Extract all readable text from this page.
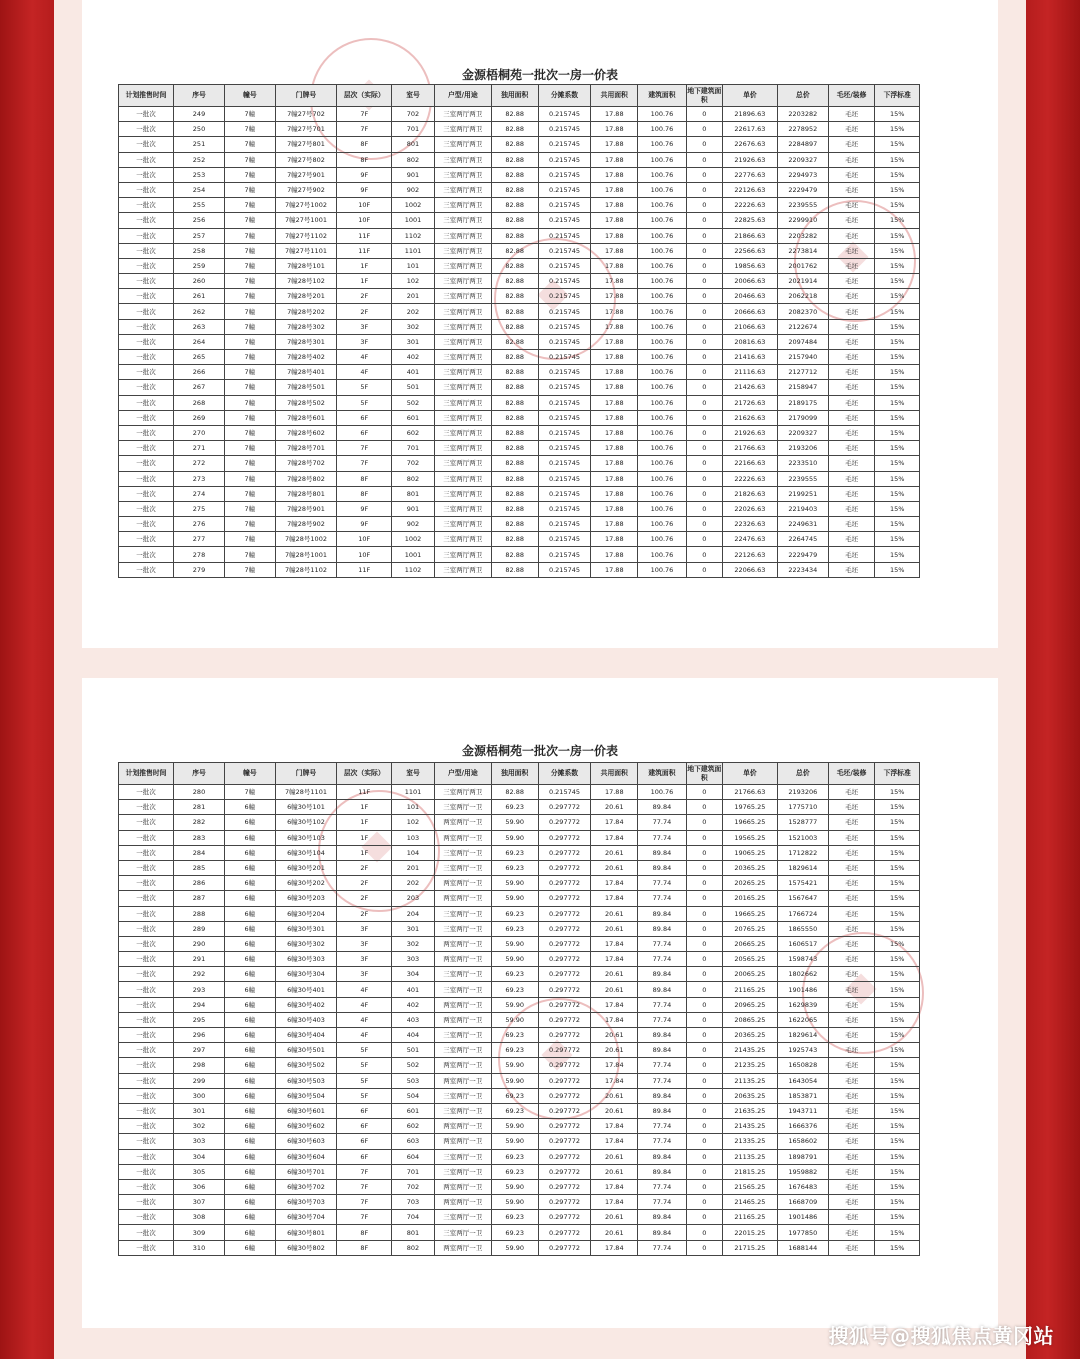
金源梧桐苑一批次一房一价表
计划推售时间	序号	幢号	门牌号	层次（实际）	室号	户型/用途	独用面积	分摊系数	共用面积	建筑面积	地下建筑面积	单价	总价	毛坯/装修	下浮标准
一批次	249	7幢	7幢27号702	7F	702	三室两厅两卫	82.88	0.215745	17.88	100.76	0	21896.63	2203282	毛坯	15%
一批次	250	7幢	7幢27号701	7F	701	三室两厅两卫	82.88	0.215745	17.88	100.76	0	22617.63	2278952	毛坯	15%
一批次	251	7幢	7幢27号801	8F	801	三室两厅两卫	82.88	0.215745	17.88	100.76	0	22676.63	2284897	毛坯	15%
一批次	252	7幢	7幢27号802	8F	802	三室两厅两卫	82.88	0.215745	17.88	100.76	0	21926.63	2209327	毛坯	15%
一批次	253	7幢	7幢27号901	9F	901	三室两厅两卫	82.88	0.215745	17.88	100.76	0	22776.63	2294973	毛坯	15%
一批次	254	7幢	7幢27号902	9F	902	三室两厅两卫	82.88	0.215745	17.88	100.76	0	22126.63	2229479	毛坯	15%
一批次	255	7幢	7幢27号1002	10F	1002	三室两厅两卫	82.88	0.215745	17.88	100.76	0	22226.63	2239555	毛坯	15%
一批次	256	7幢	7幢27号1001	10F	1001	三室两厅两卫	82.88	0.215745	17.88	100.76	0	22825.63	2299910	毛坯	15%
一批次	257	7幢	7幢27号1102	11F	1102	三室两厅两卫	82.88	0.215745	17.88	100.76	0	21866.63	2203282	毛坯	15%
一批次	258	7幢	7幢27号1101	11F	1101	三室两厅两卫	82.88	0.215745	17.88	100.76	0	22566.63	2273814	毛坯	15%
一批次	259	7幢	7幢28号101	1F	101	三室两厅两卫	82.88	0.215745	17.88	100.76	0	19856.63	2001762	毛坯	15%
一批次	260	7幢	7幢28号102	1F	102	三室两厅两卫	82.88	0.215745	17.88	100.76	0	20066.63	2021914	毛坯	15%
一批次	261	7幢	7幢28号201	2F	201	三室两厅两卫	82.88	0.215745	17.88	100.76	0	20466.63	2062218	毛坯	15%
一批次	262	7幢	7幢28号202	2F	202	三室两厅两卫	82.88	0.215745	17.88	100.76	0	20666.63	2082370	毛坯	15%
一批次	263	7幢	7幢28号302	3F	302	三室两厅两卫	82.88	0.215745	17.88	100.76	0	21066.63	2122674	毛坯	15%
一批次	264	7幢	7幢28号301	3F	301	三室两厅两卫	82.88	0.215745	17.88	100.76	0	20816.63	2097484	毛坯	15%
一批次	265	7幢	7幢28号402	4F	402	三室两厅两卫	82.88	0.215745	17.88	100.76	0	21416.63	2157940	毛坯	15%
一批次	266	7幢	7幢28号401	4F	401	三室两厅两卫	82.88	0.215745	17.88	100.76	0	21116.63	2127712	毛坯	15%
一批次	267	7幢	7幢28号501	5F	501	三室两厅两卫	82.88	0.215745	17.88	100.76	0	21426.63	2158947	毛坯	15%
一批次	268	7幢	7幢28号502	5F	502	三室两厅两卫	82.88	0.215745	17.88	100.76	0	21726.63	2189175	毛坯	15%
一批次	269	7幢	7幢28号601	6F	601	三室两厅两卫	82.88	0.215745	17.88	100.76	0	21626.63	2179099	毛坯	15%
一批次	270	7幢	7幢28号602	6F	602	三室两厅两卫	82.88	0.215745	17.88	100.76	0	21926.63	2209327	毛坯	15%
一批次	271	7幢	7幢28号701	7F	701	三室两厅两卫	82.88	0.215745	17.88	100.76	0	21766.63	2193206	毛坯	15%
一批次	272	7幢	7幢28号702	7F	702	三室两厅两卫	82.88	0.215745	17.88	100.76	0	22166.63	2233510	毛坯	15%
一批次	273	7幢	7幢28号802	8F	802	三室两厅两卫	82.88	0.215745	17.88	100.76	0	22226.63	2239555	毛坯	15%
一批次	274	7幢	7幢28号801	8F	801	三室两厅两卫	82.88	0.215745	17.88	100.76	0	21826.63	2199251	毛坯	15%
一批次	275	7幢	7幢28号901	9F	901	三室两厅两卫	82.88	0.215745	17.88	100.76	0	22026.63	2219403	毛坯	15%
一批次	276	7幢	7幢28号902	9F	902	三室两厅两卫	82.88	0.215745	17.88	100.76	0	22326.63	2249631	毛坯	15%
一批次	277	7幢	7幢28号1002	10F	1002	三室两厅两卫	82.88	0.215745	17.88	100.76	0	22476.63	2264745	毛坯	15%
一批次	278	7幢	7幢28号1001	10F	1001	三室两厅两卫	82.88	0.215745	17.88	100.76	0	22126.63	2229479	毛坯	15%
一批次	279	7幢	7幢28号1102	11F	1102	三室两厅两卫	82.88	0.215745	17.88	100.76	0	22066.63	2223434	毛坯	15%
金源梧桐苑一批次一房一价表
计划推售时间	序号	幢号	门牌号	层次（实际）	室号	户型/用途	独用面积	分摊系数	共用面积	建筑面积	地下建筑面积	单价	总价	毛坯/装修	下浮标准
一批次	280	7幢	7幢28号1101	11F	1101	三室两厅两卫	82.88	0.215745	17.88	100.76	0	21766.63	2193206	毛坯	15%
一批次	281	6幢	6幢30号101	1F	101	三室两厅一卫	69.23	0.297772	20.61	89.84	0	19765.25	1775710	毛坯	15%
一批次	282	6幢	6幢30号102	1F	102	两室两厅一卫	59.90	0.297772	17.84	77.74	0	19665.25	1528777	毛坯	15%
一批次	283	6幢	6幢30号103	1F	103	两室两厅一卫	59.90	0.297772	17.84	77.74	0	19565.25	1521003	毛坯	15%
一批次	284	6幢	6幢30号104	1F	104	三室两厅一卫	69.23	0.297772	20.61	89.84	0	19065.25	1712822	毛坯	15%
一批次	285	6幢	6幢30号201	2F	201	三室两厅一卫	69.23	0.297772	20.61	89.84	0	20365.25	1829614	毛坯	15%
一批次	286	6幢	6幢30号202	2F	202	两室两厅一卫	59.90	0.297772	17.84	77.74	0	20265.25	1575421	毛坯	15%
一批次	287	6幢	6幢30号203	2F	203	两室两厅一卫	59.90	0.297772	17.84	77.74	0	20165.25	1567647	毛坯	15%
一批次	288	6幢	6幢30号204	2F	204	三室两厅一卫	69.23	0.297772	20.61	89.84	0	19665.25	1766724	毛坯	15%
一批次	289	6幢	6幢30号301	3F	301	三室两厅一卫	69.23	0.297772	20.61	89.84	0	20765.25	1865550	毛坯	15%
一批次	290	6幢	6幢30号302	3F	302	两室两厅一卫	59.90	0.297772	17.84	77.74	0	20665.25	1606517	毛坯	15%
一批次	291	6幢	6幢30号303	3F	303	两室两厅一卫	59.90	0.297772	17.84	77.74	0	20565.25	1598743	毛坯	15%
一批次	292	6幢	6幢30号304	3F	304	三室两厅一卫	69.23	0.297772	20.61	89.84	0	20065.25	1802662	毛坯	15%
一批次	293	6幢	6幢30号401	4F	401	三室两厅一卫	69.23	0.297772	20.61	89.84	0	21165.25	1901486	毛坯	15%
一批次	294	6幢	6幢30号402	4F	402	两室两厅一卫	59.90	0.297772	17.84	77.74	0	20965.25	1629839	毛坯	15%
一批次	295	6幢	6幢30号403	4F	403	两室两厅一卫	59.90	0.297772	17.84	77.74	0	20865.25	1622065	毛坯	15%
一批次	296	6幢	6幢30号404	4F	404	三室两厅一卫	69.23	0.297772	20.61	89.84	0	20365.25	1829614	毛坯	15%
一批次	297	6幢	6幢30号501	5F	501	三室两厅一卫	69.23	0.297772	20.61	89.84	0	21435.25	1925743	毛坯	15%
一批次	298	6幢	6幢30号502	5F	502	两室两厅一卫	59.90	0.297772	17.84	77.74	0	21235.25	1650828	毛坯	15%
一批次	299	6幢	6幢30号503	5F	503	两室两厅一卫	59.90	0.297772	17.84	77.74	0	21135.25	1643054	毛坯	15%
一批次	300	6幢	6幢30号504	5F	504	三室两厅一卫	69.23	0.297772	20.61	89.84	0	20635.25	1853871	毛坯	15%
一批次	301	6幢	6幢30号601	6F	601	三室两厅一卫	69.23	0.297772	20.61	89.84	0	21635.25	1943711	毛坯	15%
一批次	302	6幢	6幢30号602	6F	602	两室两厅一卫	59.90	0.297772	17.84	77.74	0	21435.25	1666376	毛坯	15%
一批次	303	6幢	6幢30号603	6F	603	两室两厅一卫	59.90	0.297772	17.84	77.74	0	21335.25	1658602	毛坯	15%
一批次	304	6幢	6幢30号604	6F	604	三室两厅一卫	69.23	0.297772	20.61	89.84	0	21135.25	1898791	毛坯	15%
一批次	305	6幢	6幢30号701	7F	701	三室两厅一卫	69.23	0.297772	20.61	89.84	0	21815.25	1959882	毛坯	15%
一批次	306	6幢	6幢30号702	7F	702	两室两厅一卫	59.90	0.297772	17.84	77.74	0	21565.25	1676483	毛坯	15%
一批次	307	6幢	6幢30号703	7F	703	两室两厅一卫	59.90	0.297772	17.84	77.74	0	21465.25	1668709	毛坯	15%
一批次	308	6幢	6幢30号704	7F	704	三室两厅一卫	69.23	0.297772	20.61	89.84	0	21165.25	1901486	毛坯	15%
一批次	309	6幢	6幢30号801	8F	801	三室两厅一卫	69.23	0.297772	20.61	89.84	0	22015.25	1977850	毛坯	15%
一批次	310	6幢	6幢30号802	8F	802	两室两厅一卫	59.90	0.297772	17.84	77.74	0	21715.25	1688144	毛坯	15%
搜狐号@搜狐焦点黄冈站
